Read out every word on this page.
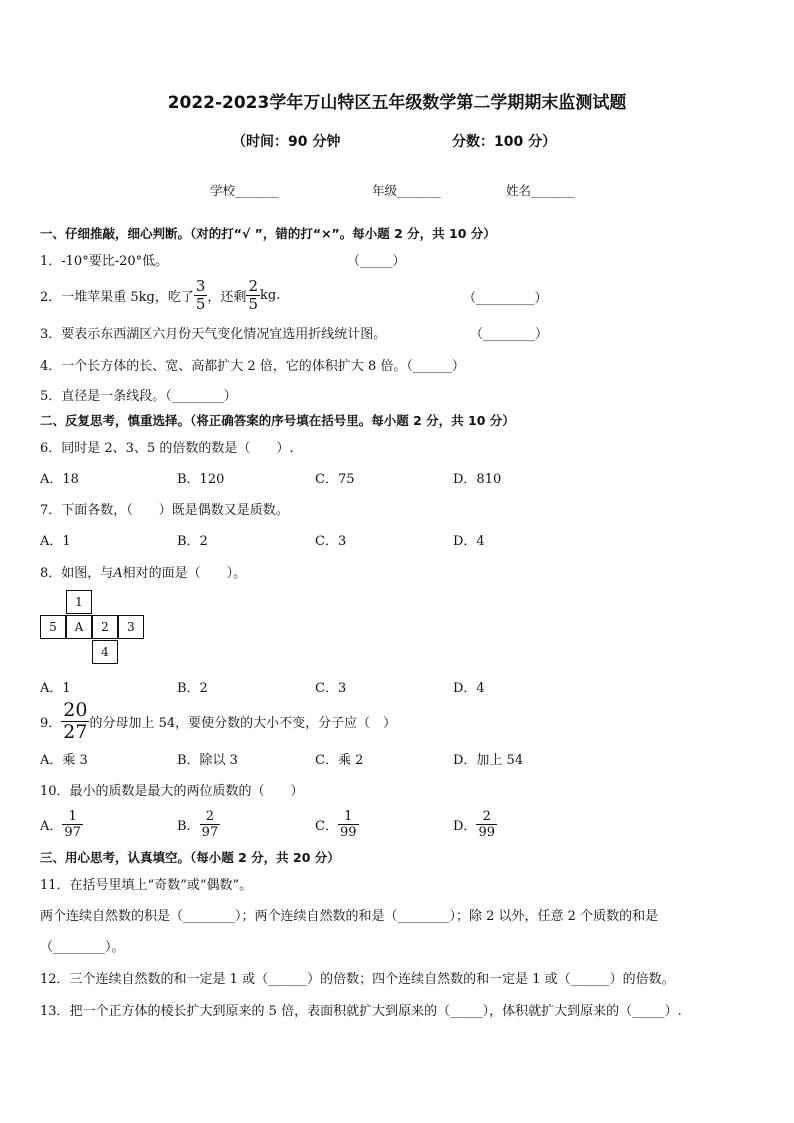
2022-2023学年万山特区五年级数学第二学期期末监测试题
（时间：90 分钟	分数：100 分）
学校_______	年级_______	姓名_______
一、仔细推敲，细心判断。（对的打“√ ”，错的打“×”。每小题 2 分，共 10 分）
1．-10°要比-20°低。	（_____）
2．一堆苹果重 5kg，吃了 $\frac{3}{5}$ ，还剩 $\frac{2}{5}$ kg.	（_________）
3．要表示东西湖区六月份天气变化情况宜选用折线统计图。	（________）
4．一个长方体的长、宽、高都扩大 2 倍，它的体积扩大 8 倍。（______）
5．直径是一条线段。（________）
二、反复思考，慎重选择。（将正确答案的序号填在括号里。每小题 2 分，共 10 分）
6．同时是 2、3、5 的倍数的数是（　　）.
A．18	B．120	C．75	D．810
7．下面各数，（　　）既是偶数又是质数。
A．1	B．2	C．3	D．4
8．如图，与A相对的面是（　　）。
1
5	A	2	3
4
A．1	B．2	C．3	D．4
9． $\frac{20}{27}$ 的分母加上 54，要使分数的大小不变，分子应（　）
A．乘 3	B．除以 3	C．乘 2	D．加上 54
10．最小的质数是最大的两位质数的（　　）
A． $\frac{1}{97}$	B． $\frac{2}{97}$	C． $\frac{1}{99}$	D． $\frac{2}{99}$
三、用心思考，认真填空。（每小题 2 分，共 20 分）
11．在括号里填上“奇数”或“偶数”。
两个连续自然数的积是（________）；两个连续自然数的和是（________）；除 2 以外，任意 2 个质数的和是
（________）。
12．三个连续自然数的和一定是 1 或（______）的倍数；四个连续自然数的和一定是 1 或（______）的倍数。
13．把一个正方体的棱长扩大到原来的 5 倍，表面积就扩大到原来的（_____），体积就扩大到原来的（_____）.
